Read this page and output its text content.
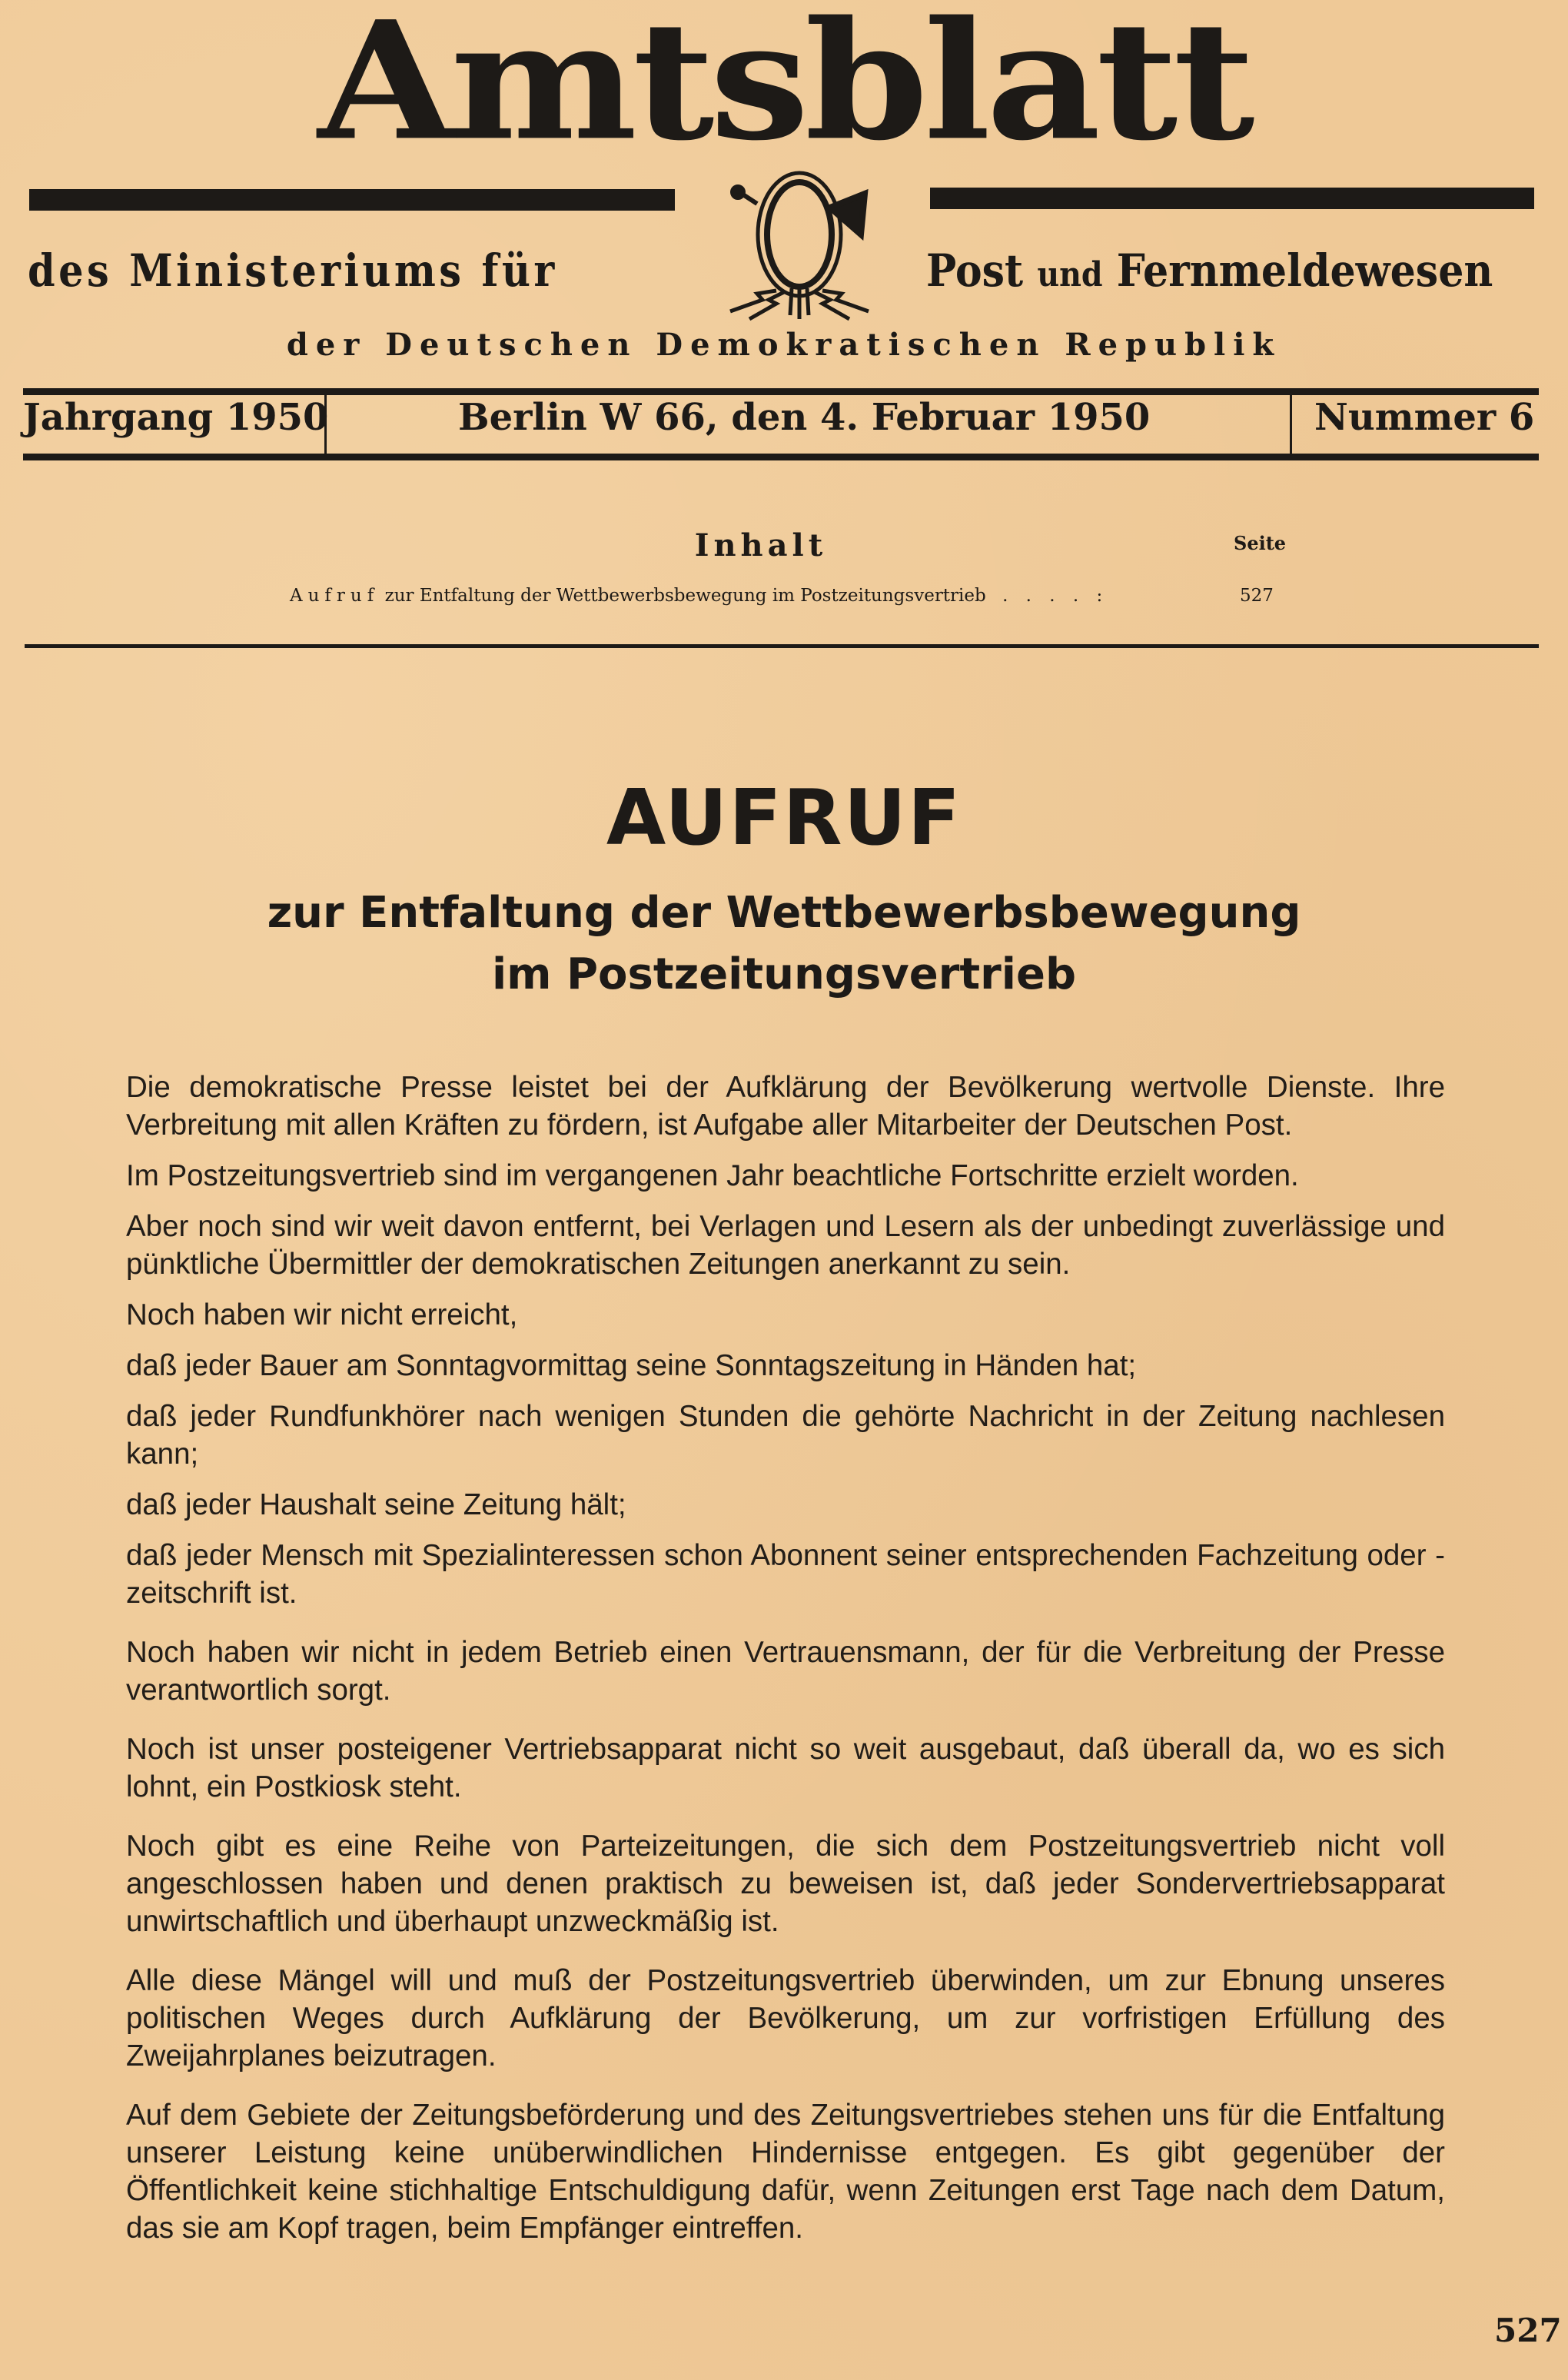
Amtsblatt
des Ministeriums für	Post und Fernmeldewesen
der Deutschen Demokratischen Republik
Jahrgang 1950	Berlin W 66, den 4. Februar 1950	Nummer 6
Inhalt	Seite
Aufruf zur Entfaltung der Wettbewerbsbewegung im Postzeitungsvertrieb . . . . :	527
AUFRUF
zur Entfaltung der Wettbewerbsbewegung
im Postzeitungsvertrieb

Die demokratische Presse leistet bei der Aufklärung der Bevölkerung wertvolle Dienste. Ihre Verbreitung mit allen Kräften zu fördern, ist Aufgabe aller Mitarbeiter der Deutschen Post.

Im Postzeitungsvertrieb sind im vergangenen Jahr beachtliche Fortschritte erzielt worden.

Aber noch sind wir weit davon entfernt, bei Verlagen und Lesern als der unbedingt zuverlässige und pünktliche Übermittler der demokratischen Zeitungen anerkannt zu sein.

Noch haben wir nicht erreicht,

daß jeder Bauer am Sonntagvormittag seine Sonntagszeitung in Händen hat;

daß jeder Rundfunkhörer nach wenigen Stunden die gehörte Nachricht in der Zeitung nachlesen kann;

daß jeder Haushalt seine Zeitung hält;

daß jeder Mensch mit Spezialinteressen schon Abonnent seiner entsprechenden Fachzeitung oder -zeitschrift ist.

Noch haben wir nicht in jedem Betrieb einen Vertrauensmann, der für die Verbreitung der Presse verantwortlich sorgt.

Noch ist unser posteigener Vertriebsapparat nicht so weit ausgebaut, daß überall da, wo es sich lohnt, ein Postkiosk steht.

Noch gibt es eine Reihe von Parteizeitungen, die sich dem Postzeitungsvertrieb nicht voll angeschlossen haben und denen praktisch zu beweisen ist, daß jeder Sondervertriebsapparat unwirtschaftlich und überhaupt unzweckmäßig ist.

Alle diese Mängel will und muß der Postzeitungsvertrieb überwinden, um zur Ebnung unseres politischen Weges durch Aufklärung der Bevölkerung, um zur vorfristigen Erfüllung des Zweijahrplanes beizutragen.

Auf dem Gebiete der Zeitungsbeförderung und des Zeitungsvertriebes stehen uns für die Entfaltung unserer Leistung keine unüberwindlichen Hindernisse entgegen. Es gibt gegenüber der Öffentlichkeit keine stichhaltige Entschuldigung dafür, wenn Zeitungen erst Tage nach dem Datum, das sie am Kopf tragen, beim Empfänger eintreffen.

527
